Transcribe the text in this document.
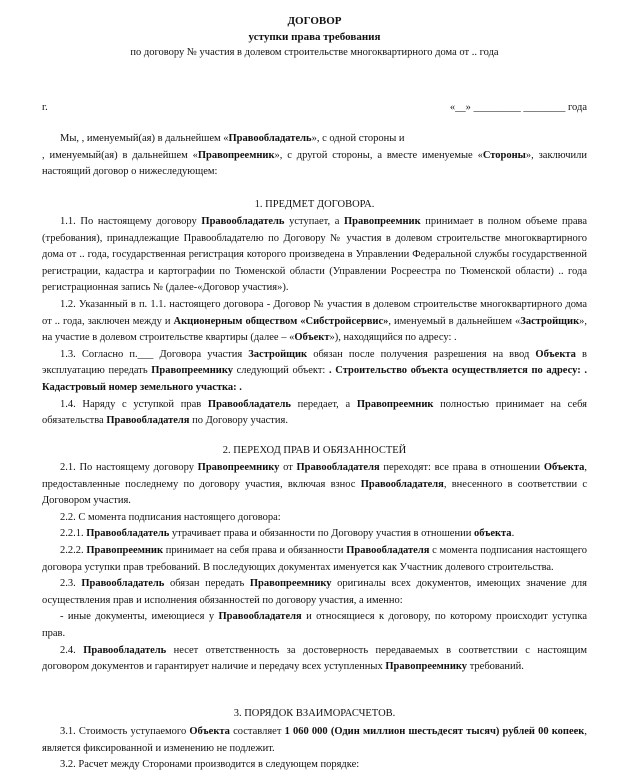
ДОГОВОР
уступки права требования
по договору № участия в долевом строительстве многоквартирного дома от .. года
г.	«__» _________ ________ года

Мы, , именуемый(ая) в дальнейшем «Правообладатель», с одной стороны и

, именуемый(ая) в дальнейшем «Правопреемник», с другой стороны, а вместе именуемые «Стороны», заключили настоящий договор о нижеследующем:

1. ПРЕДМЕТ ДОГОВОРА.

1.1. По настоящему договору Правообладатель уступает, а Правопреемник принимает в полном объеме права (требования), принадлежащие Правообладателю по Договору № участия в долевом строительстве многоквартирного дома от .. года, государственная регистрация которого произведена в Управлении Федеральной службы государственной регистрации, кадастра и картографии по Тюменской области (Управлении Росреестра по Тюменской области) .. года регистрационная запись № (далее-«Договор участия»).

1.2. Указанный в п. 1.1. настоящего договора - Договор № участия в долевом строительстве многоквартирного дома от .. года, заключен между и Акционерным обществом «Сибстройсервис», именуемый в дальнейшем «Застройщик», на участие в долевом строительстве квартиры (далее – «Объект»), находящийся по адресу: .

1.3. Согласно п.___ Договора участия Застройщик обязан после получения разрешения на ввод Объекта в эксплуатацию передать Правопреемнику следующий объект: . Строительство объекта осуществляется по адресу: . Кадастровый номер земельного участка: .

1.4. Наряду с уступкой прав Правообладатель передает, а Правопреемник полностью принимает на себя обязательства Правообладателя по Договору участия.

2. ПЕРЕХОД ПРАВ И ОБЯЗАННОСТЕЙ

2.1. По настоящему договору Правопреемнику от Правообладателя переходят: все права в отношении Объекта, предоставленные последнему по договору участия, включая взнос Правообладателя, внесенного в соответствии с Договором участия.

2.2. С момента подписания настоящего договора:

2.2.1. Правообладатель утрачивает права и обязанности по Договору участия в отношении объекта.

2.2.2. Правопреемник принимает на себя права и обязанности Правообладателя с момента подписания настоящего договора уступки прав требований. В последующих документах именуется как Участник долевого строительства.

2.3. Правообладатель обязан передать Правопреемнику оригиналы всех документов, имеющих значение для осуществления прав и исполнения обязанностей по договору участия, а именно:

- иные документы, имеющиеся у Правообладателя и относящиеся к договору, по которому происходит уступка прав.

2.4. Правообладатель несет ответственность за достоверность передаваемых в соответствии с настоящим договором документов и гарантирует наличие и передачу всех уступленных Правопреемнику требований.

3. ПОРЯДОК ВЗАИМОРАСЧЕТОВ.

3.1. Стоимость уступаемого Объекта составляет 1 060 000 (Один миллион шестьдесят тысяч) рублей 00 копеек, является фиксированной и изменению не подлежит.

3.2. Расчет между Сторонами производится в следующем порядке:
